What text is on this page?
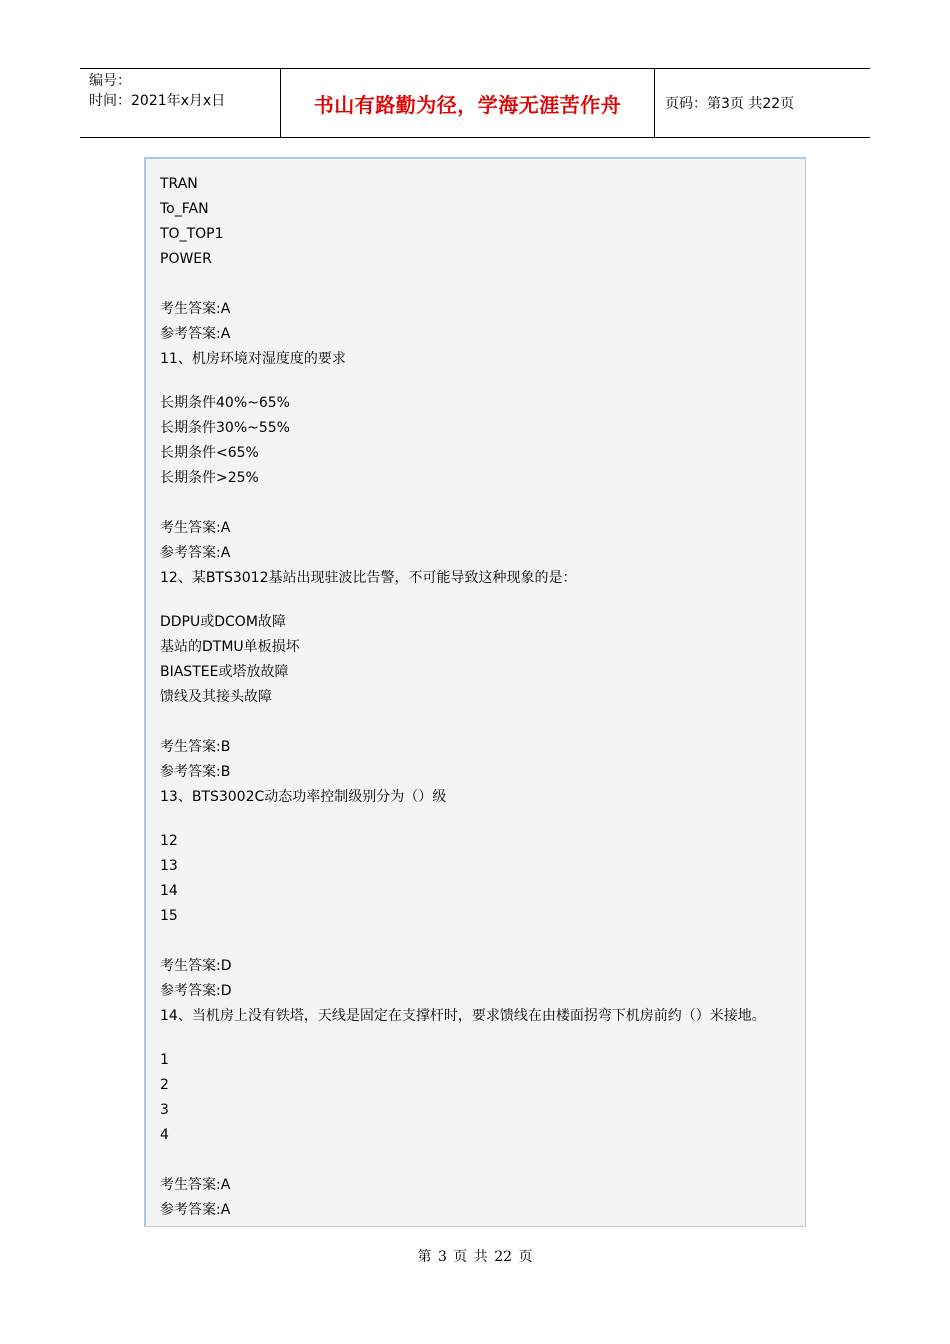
编号：
时间：2021年x月x日	书山有路勤为径，学海无涯苦作舟	页码：第3页 共22页
TRAN
To_FAN
TO_TOP1
POWER
考生答案:A
参考答案:A
11、机房环境对湿度度的要求
长期条件40%~65%
长期条件30%~55%
长期条件<65%
长期条件>25%
考生答案:A
参考答案:A
12、某BTS3012基站出现驻波比告警，不可能导致这种现象的是：
DDPU或DCOM故障
基站的DTMU单板损坏
BIASTEE或塔放故障
馈线及其接头故障
考生答案:B
参考答案:B
13、BTS3002C动态功率控制级别分为（）级
12
13
14
15
考生答案:D
参考答案:D
14、当机房上没有铁塔，天线是固定在支撑杆时，要求馈线在由楼面拐弯下机房前约（）米接地。
1
2
3
4
考生答案:A
参考答案:A
第 3 页 共 22 页
